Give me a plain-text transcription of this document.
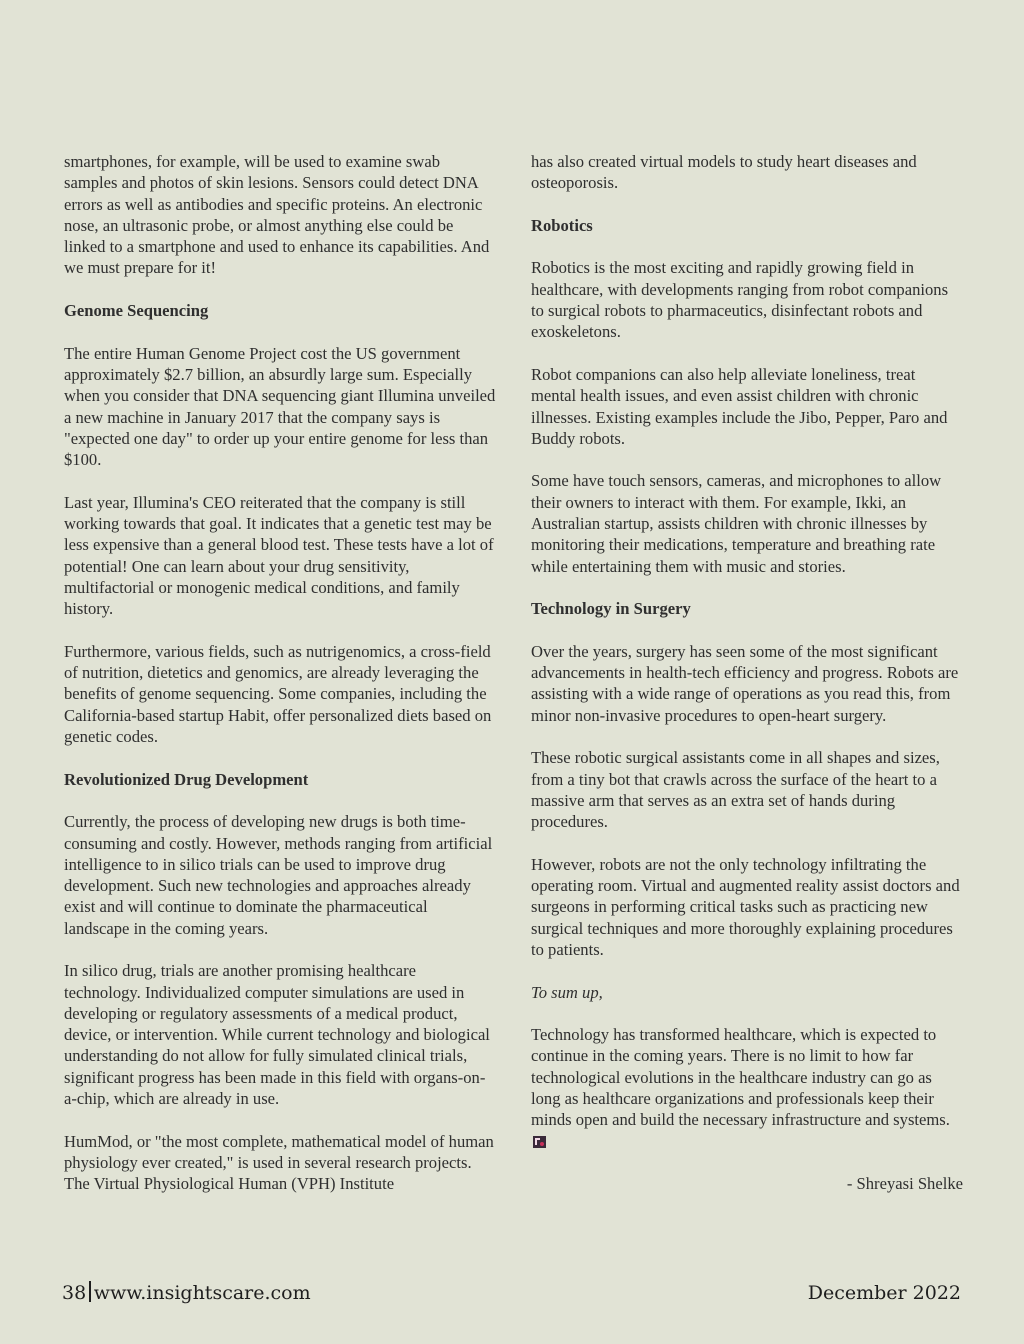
smartphones, for example, will be used to examine swab samples and photos of skin lesions. Sensors could detect DNA errors as well as antibodies and specific proteins. An electronic nose, an ultrasonic probe, or almost anything else could be linked to a smartphone and used to enhance its capabilities. And we must prepare for it!

Genome Sequencing

The entire Human Genome Project cost the US government approximately $2.7 billion, an absurdly large sum. Especially when you consider that DNA sequencing giant Illumina unveiled a new machine in January 2017 that the company says is "expected one day" to order up your entire genome for less than $100.

Last year, Illumina's CEO reiterated that the company is still working towards that goal. It indicates that a genetic test may be less expensive than a general blood test. These tests have a lot of potential! One can learn about your drug sensitivity, multifactorial or monogenic medical conditions, and family history.

Furthermore, various fields, such as nutrigenomics, a cross-field of nutrition, dietetics and genomics, are already leveraging the benefits of genome sequencing. Some companies, including the California-based startup Habit, offer personalized diets based on genetic codes.

Revolutionized Drug Development

Currently, the process of developing new drugs is both time-consuming and costly. However, methods ranging from artificial intelligence to in silico trials can be used to improve drug development. Such new technologies and approaches already exist and will continue to dominate the pharmaceutical landscape in the coming years.

In silico drug, trials are another promising healthcare technology. Individualized computer simulations are used in developing or regulatory assessments of a medical product, device, or intervention. While current technology and biological understanding do not allow for fully simulated clinical trials, significant progress has been made in this field with organs-on-a-chip, which are already in use.

HumMod, or "the most complete, mathematical model of human physiology ever created," is used in several research projects. The Virtual Physiological Human (VPH) Institute

has also created virtual models to study heart diseases and osteoporosis.

Robotics

Robotics is the most exciting and rapidly growing field in healthcare, with developments ranging from robot companions to surgical robots to pharmaceutics, disinfectant robots and exoskeletons.

Robot companions can also help alleviate loneliness, treat mental health issues, and even assist children with chronic illnesses. Existing examples include the Jibo, Pepper, Paro and Buddy robots.

Some have touch sensors, cameras, and microphones to allow their owners to interact with them. For example, Ikki, an Australian startup, assists children with chronic illnesses by monitoring their medications, temperature and breathing rate while entertaining them with music and stories.

Technology in Surgery

Over the years, surgery has seen some of the most significant advancements in health-tech efficiency and progress. Robots are assisting with a wide range of operations as you read this, from minor non-invasive procedures to open-heart surgery.

These robotic surgical assistants come in all shapes and sizes, from a tiny bot that crawls across the surface of the heart to a massive arm that serves as an extra set of hands during procedures.

However, robots are not the only technology infiltrating the operating room. Virtual and augmented reality assist doctors and surgeons in performing critical tasks such as practicing new surgical techniques and more thoroughly explaining procedures to patients.

To sum up,

Technology has transformed healthcare, which is expected to continue in the coming years. There is no limit to how far technological evolutions in the healthcare industry can go as long as healthcare organizations and professionals keep their minds open and build the necessary infrastructure and systems.

- Shreyasi Shelke

38 www.insightscare.com	December 2022
